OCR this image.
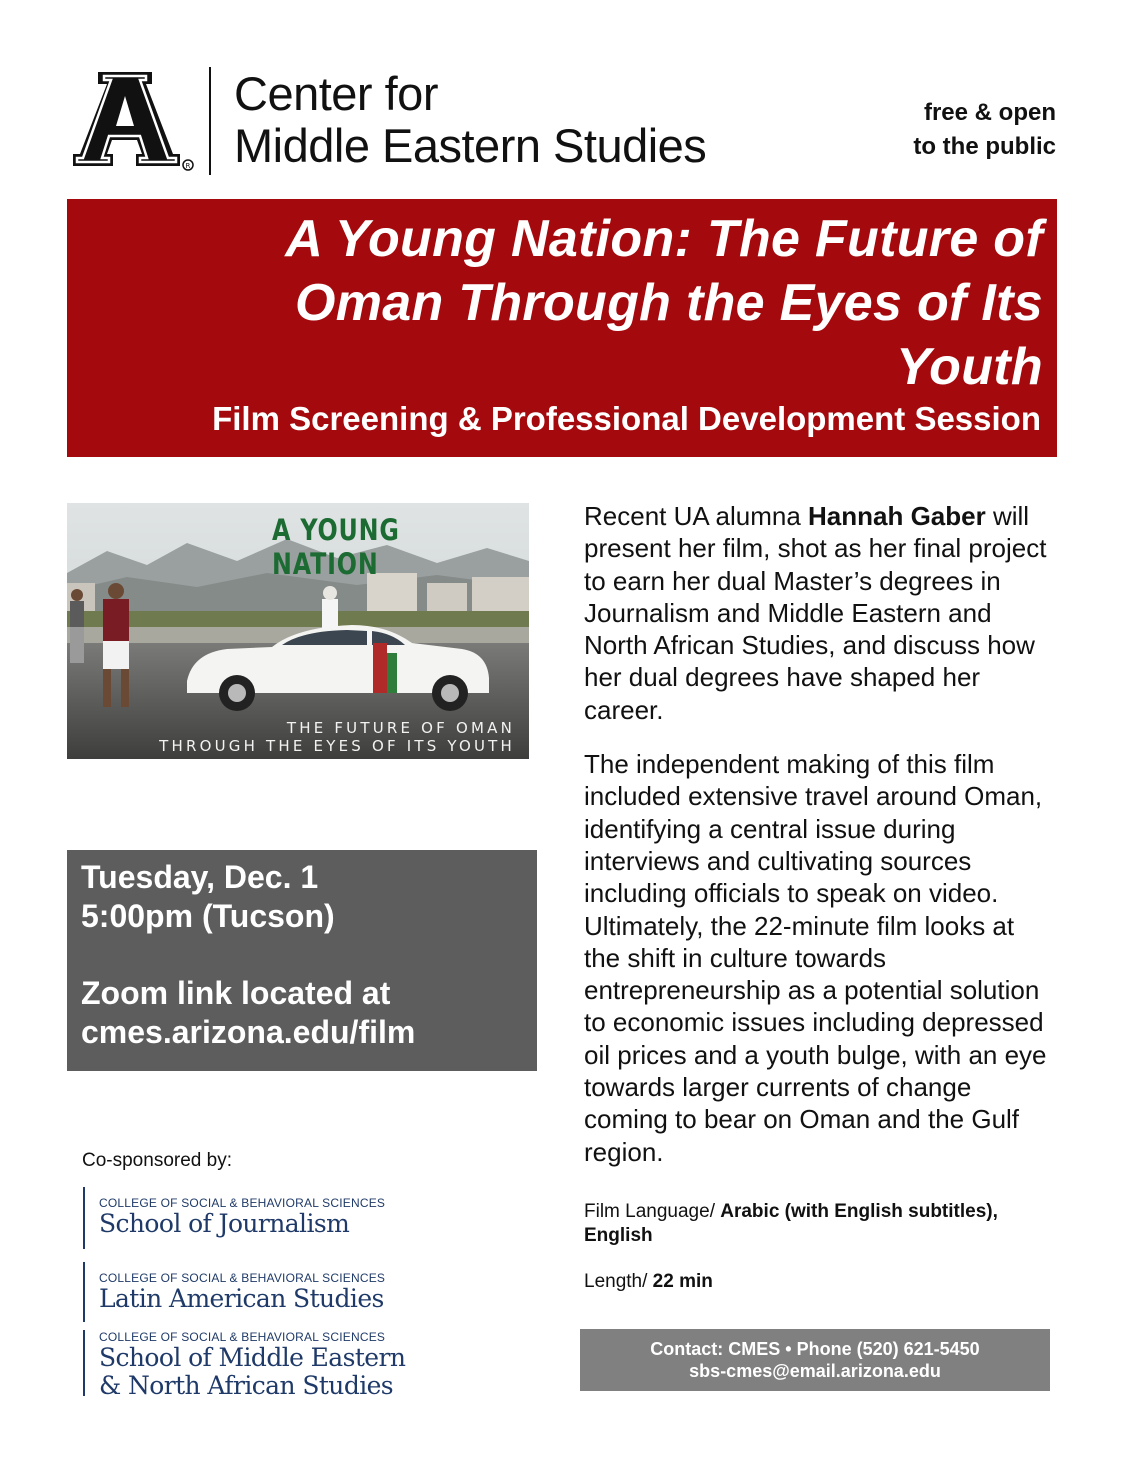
R
Center for
Middle Eastern Studies
free & open
to the public
A Young Nation: The Future of
Oman Through the Eyes of Its
Youth
Film Screening & Professional Development Session
A YOUNG NATION
THE FUTURE OF OMAN
THROUGH THE EYES OF ITS YOUTH
Tuesday, Dec. 1
5:00pm (Tucson)
Zoom link located at
cmes.arizona.edu/film
Co-sponsored by:
COLLEGE OF SOCIAL & BEHAVIORAL SCIENCES
School of Journalism
COLLEGE OF SOCIAL & BEHAVIORAL SCIENCES
Latin American Studies
COLLEGE OF SOCIAL & BEHAVIORAL SCIENCES
School of Middle Eastern
& North African Studies

Recent UA alumna Hannah Gaber will present her film, shot as her final project to earn her dual Master’s degrees in Journalism and Middle Eastern and North African Studies, and discuss how her dual degrees have shaped her career.

The independent making of this film included extensive travel around Oman, identifying a central issue during interviews and cultivating sources including officials to speak on video. Ultimately, the 22-minute film looks at the shift in culture towards entrepreneurship as a potential solution to economic issues including depressed oil prices and a youth bulge, with an eye towards larger currents of change coming to bear on Oman and the Gulf region.

Film Language/ Arabic (with English subtitles), English
Length/ 22 min
Contact: CMES • Phone (520) 621-5450
sbs-cmes@email.arizona.edu
